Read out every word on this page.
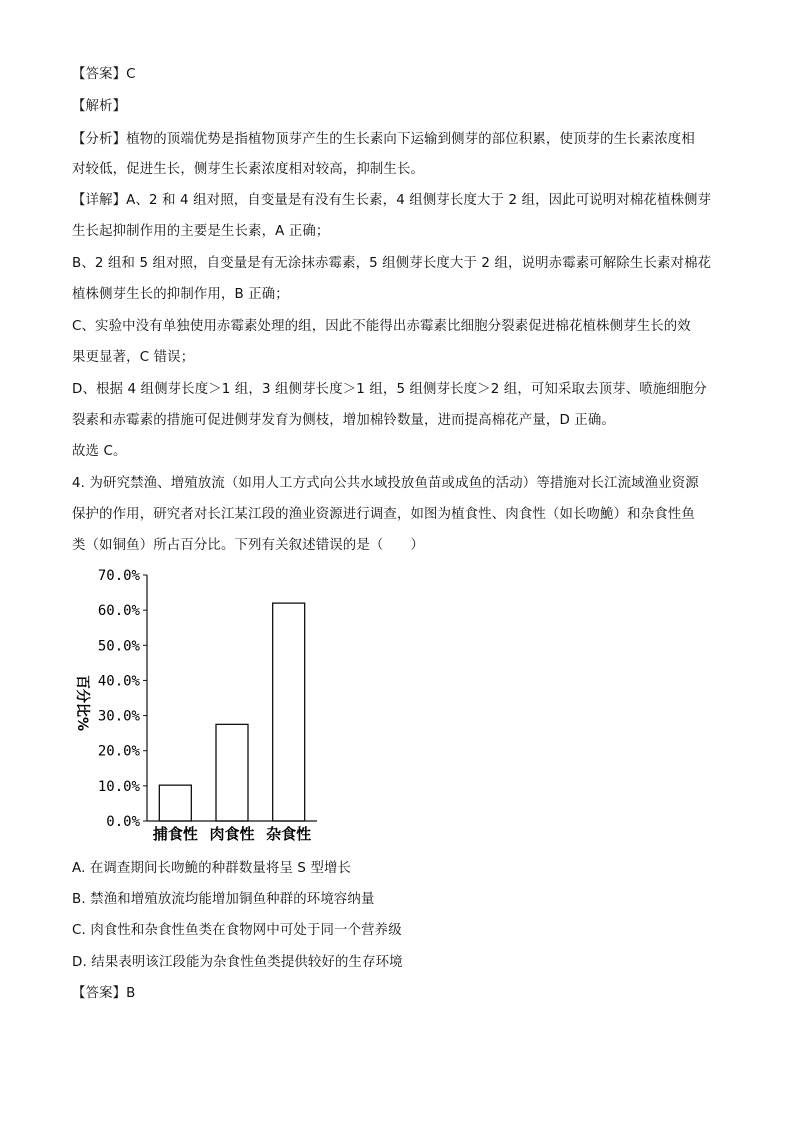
【答案】C
【解析】
【分析】植物的顶端优势是指植物顶芽产生的生长素向下运输到侧芽的部位积累，使顶芽的生长素浓度相
对较低，促进生长，侧芽生长素浓度相对较高，抑制生长。
【详解】A、2 和 4 组对照，自变量是有没有生长素，4 组侧芽长度大于 2 组，因此可说明对棉花植株侧芽
生长起抑制作用的主要是生长素，A 正确；
B、2 组和 5 组对照，自变量是有无涂抹赤霉素，5 组侧芽长度大于 2 组，说明赤霉素可解除生长素对棉花
植株侧芽生长的抑制作用，B 正确；
C、实验中没有单独使用赤霉素处理的组，因此不能得出赤霉素比细胞分裂素促进棉花植株侧芽生长的效
果更显著，C 错误；
D、根据 4 组侧芽长度＞1 组，3 组侧芽长度＞1 组，5 组侧芽长度＞2 组，可知采取去顶芽、喷施细胞分
裂素和赤霉素的措施可促进侧芽发育为侧枝，增加棉铃数量，进而提高棉花产量，D 正确。
故选 C。
4. 为研究禁渔、增殖放流（如用人工方式向公共水域投放鱼苗或成鱼的活动）等措施对长江流域渔业资源
保护的作用，研究者对长江某江段的渔业资源进行调查，如图为植食性、肉食性（如长吻鮠）和杂食性鱼
类（如铜鱼）所占百分比。下列有关叙述错误的是（　　）
百分比%
0.0%
10.0%
20.0%
30.0%
40.0%
50.0%
60.0%
70.0%
捕食性 肉食性 杂食性
A. 在调查期间长吻鮠的种群数量将呈 S 型增长
B. 禁渔和增殖放流均能增加铜鱼种群的环境容纳量
C. 肉食性和杂食性鱼类在食物网中可处于同一个营养级
D. 结果表明该江段能为杂食性鱼类提供较好的生存环境
【答案】B
